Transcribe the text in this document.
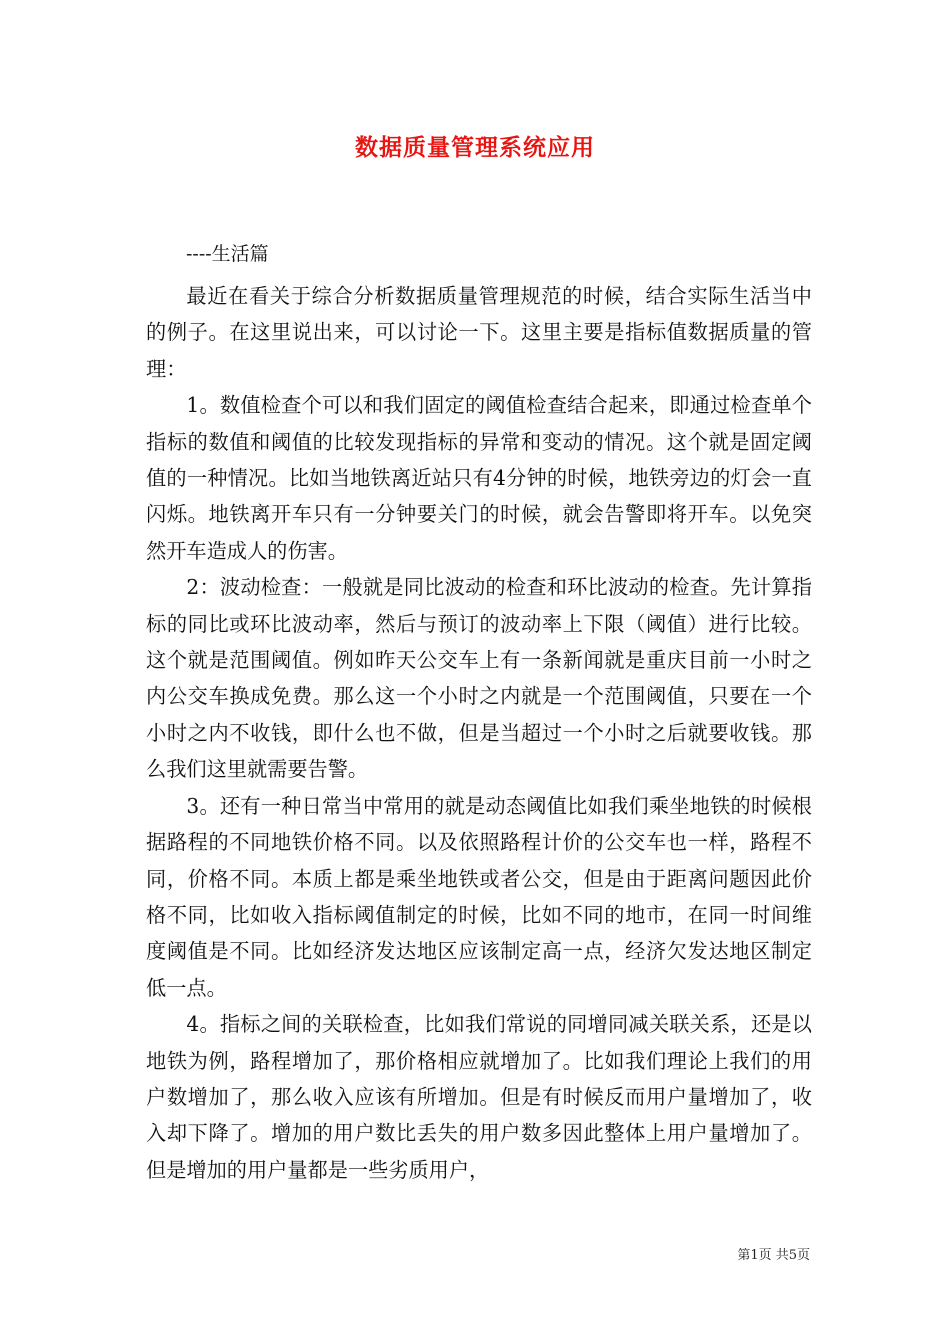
数据质量管理系统应用
----生活篇

最近在看关于综合分析数据质量管理规范的时候，结合实际生活当中的例子。在这里说出来，可以讨论一下。这里主要是指标值数据质量的管理：

1。数值检查个可以和我们固定的阈值检查结合起来，即通过检查单个指标的数值和阈值的比较发现指标的异常和变动的情况。这个就是固定阈值的一种情况。比如当地铁离近站只有4分钟的时候，地铁旁边的灯会一直闪烁。地铁离开车只有一分钟要关门的时候，就会告警即将开车。以免突然开车造成人的伤害。

2：波动检查：一般就是同比波动的检查和环比波动的检查。先计算指标的同比或环比波动率，然后与预订的波动率上下限（阈值）进行比较。这个就是范围阈值。例如昨天公交车上有一条新闻就是重庆目前一小时之内公交车换成免费。那么这一个小时之内就是一个范围阈值，只要在一个小时之内不收钱，即什么也不做，但是当超过一个小时之后就要收钱。那么我们这里就需要告警。

3。还有一种日常当中常用的就是动态阈值比如我们乘坐地铁的时候根据路程的不同地铁价格不同。以及依照路程计价的公交车也一样，路程不同，价格不同。本质上都是乘坐地铁或者公交，但是由于距离问题因此价格不同，比如收入指标阈值制定的时候，比如不同的地市，在同一时间维度阈值是不同。比如经济发达地区应该制定高一点，经济欠发达地区制定低一点。

4。指标之间的关联检查，比如我们常说的同增同减关联关系，还是以地铁为例，路程增加了，那价格相应就增加了。比如我们理论上我们的用户数增加了，那么收入应该有所增加。但是有时候反而用户量增加了，收入却下降了。增加的用户数比丢失的用户数多因此整体上用户量增加了。但是增加的用户量都是一些劣质用户，

第1页 共5页
